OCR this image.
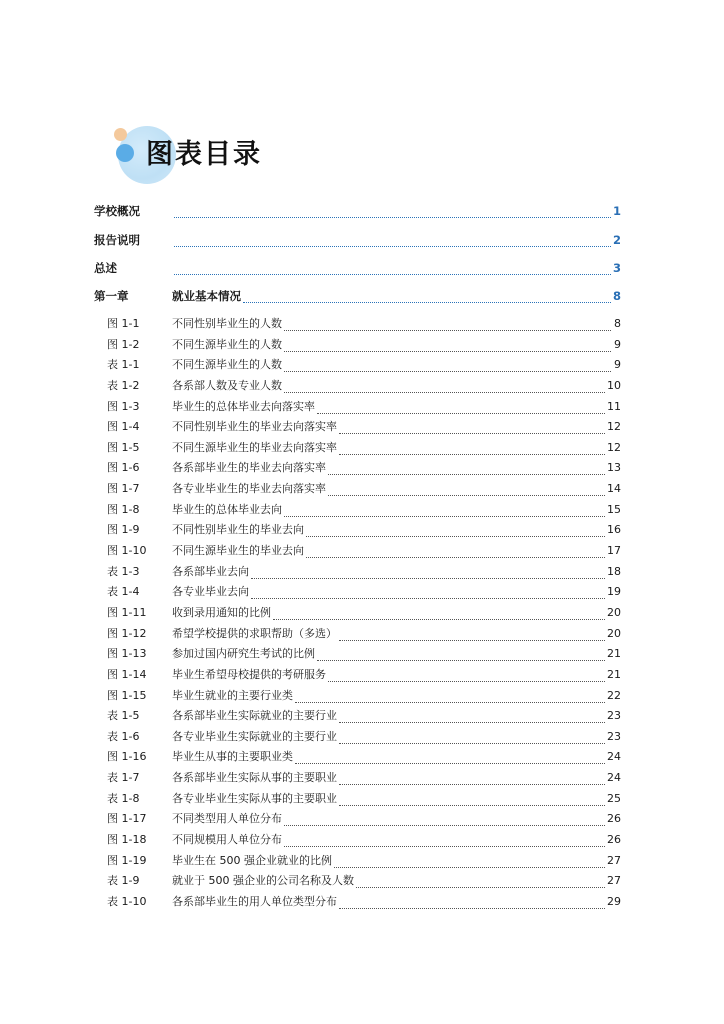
图表目录
学校概况	1
报告说明	2
总述	3
第一章	就业基本情况	8
图 1-1	不同性别毕业生的人数	8
图 1-2	不同生源毕业生的人数	9
表 1-1	不同生源毕业生的人数	9
表 1-2	各系部人数及专业人数	10
图 1-3	毕业生的总体毕业去向落实率	11
图 1-4	不同性别毕业生的毕业去向落实率	12
图 1-5	不同生源毕业生的毕业去向落实率	12
图 1-6	各系部毕业生的毕业去向落实率	13
图 1-7	各专业毕业生的毕业去向落实率	14
图 1-8	毕业生的总体毕业去向	15
图 1-9	不同性别毕业生的毕业去向	16
图 1-10	不同生源毕业生的毕业去向	17
表 1-3	各系部毕业去向	18
表 1-4	各专业毕业去向	19
图 1-11	收到录用通知的比例	20
图 1-12	希望学校提供的求职帮助（多选）	20
图 1-13	参加过国内研究生考试的比例	21
图 1-14	毕业生希望母校提供的考研服务	21
图 1-15	毕业生就业的主要行业类	22
表 1-5	各系部毕业生实际就业的主要行业	23
表 1-6	各专业毕业生实际就业的主要行业	23
图 1-16	毕业生从事的主要职业类	24
表 1-7	各系部毕业生实际从事的主要职业	24
表 1-8	各专业毕业生实际从事的主要职业	25
图 1-17	不同类型用人单位分布	26
图 1-18	不同规模用人单位分布	26
图 1-19	毕业生在 500 强企业就业的比例	27
表 1-9	就业于 500 强企业的公司名称及人数	27
表 1-10	各系部毕业生的用人单位类型分布	29
